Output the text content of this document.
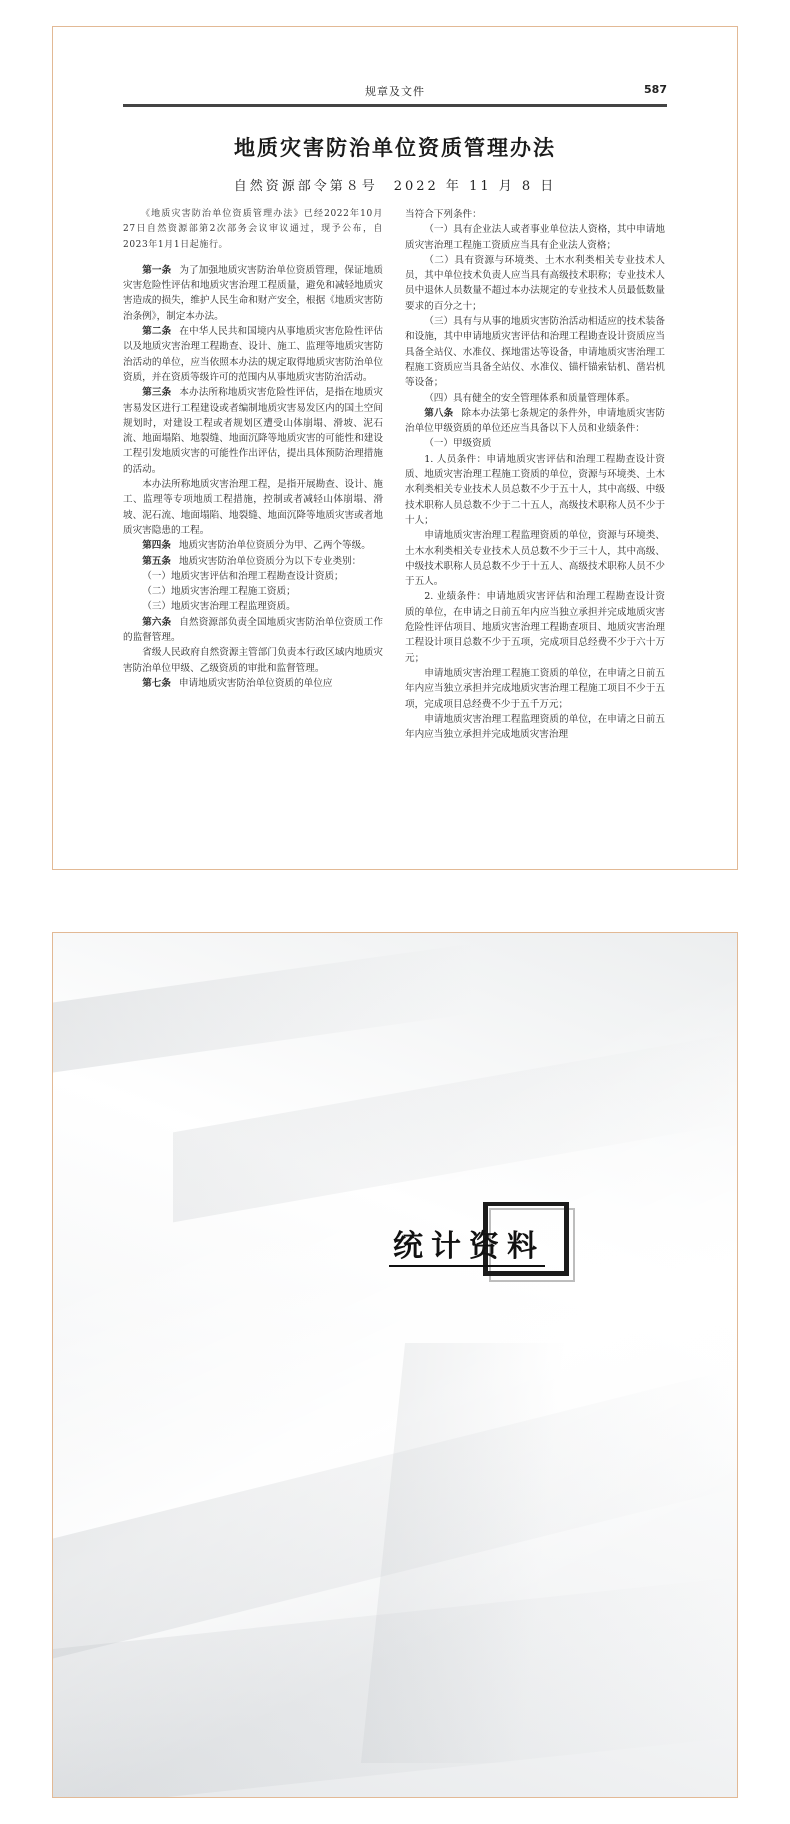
规章及文件	587
地质灾害防治单位资质管理办法
自然资源部令第８号　2022 年 11 月 8 日

《地质灾害防治单位资质管理办法》已经2022年10月27日自然资源部第2次部务会议审议通过，现予公布，自2023年1月1日起施行。

第一条 为了加强地质灾害防治单位资质管理，保证地质灾害危险性评估和地质灾害治理工程质量，避免和减轻地质灾害造成的损失，维护人民生命和财产安全，根据《地质灾害防治条例》，制定本办法。

第二条 在中华人民共和国境内从事地质灾害危险性评估以及地质灾害治理工程勘查、设计、施工、监理等地质灾害防治活动的单位，应当依照本办法的规定取得地质灾害防治单位资质，并在资质等级许可的范围内从事地质灾害防治活动。

第三条 本办法所称地质灾害危险性评估，是指在地质灾害易发区进行工程建设或者编制地质灾害易发区内的国土空间规划时，对建设工程或者规划区遭受山体崩塌、滑坡、泥石流、地面塌陷、地裂缝、地面沉降等地质灾害的可能性和建设工程引发地质灾害的可能性作出评估，提出具体预防治理措施的活动。

本办法所称地质灾害治理工程，是指开展勘查、设计、施工、监理等专项地质工程措施，控制或者减轻山体崩塌、滑坡、泥石流、地面塌陷、地裂缝、地面沉降等地质灾害或者地质灾害隐患的工程。

第四条 地质灾害防治单位资质分为甲、乙两个等级。

第五条 地质灾害防治单位资质分为以下专业类别：

（一）地质灾害评估和治理工程勘查设计资质；

（二）地质灾害治理工程施工资质；

（三）地质灾害治理工程监理资质。

第六条 自然资源部负责全国地质灾害防治单位资质工作的监督管理。

省级人民政府自然资源主管部门负责本行政区域内地质灾害防治单位甲级、乙级资质的审批和监督管理。

第七条 申请地质灾害防治单位资质的单位应

当符合下列条件：

（一）具有企业法人或者事业单位法人资格，其中申请地质灾害治理工程施工资质应当具有企业法人资格；

（二）具有资源与环境类、土木水利类相关专业技术人员，其中单位技术负责人应当具有高级技术职称；专业技术人员中退休人员数量不超过本办法规定的专业技术人员最低数量要求的百分之十；

（三）具有与从事的地质灾害防治活动相适应的技术装备和设施，其中申请地质灾害评估和治理工程勘查设计资质应当具备全站仪、水准仪、探地雷达等设备，申请地质灾害治理工程施工资质应当具备全站仪、水准仪、锚杆锚索钻机、凿岩机等设备；

（四）具有健全的安全管理体系和质量管理体系。

第八条 除本办法第七条规定的条件外，申请地质灾害防治单位甲级资质的单位还应当具备以下人员和业绩条件：

（一）甲级资质

1. 人员条件：申请地质灾害评估和治理工程勘查设计资质、地质灾害治理工程施工资质的单位，资源与环境类、土木水利类相关专业技术人员总数不少于五十人，其中高级、中级技术职称人员总数不少于二十五人，高级技术职称人员不少于十人；

申请地质灾害治理工程监理资质的单位，资源与环境类、土木水利类相关专业技术人员总数不少于三十人，其中高级、中级技术职称人员总数不少于十五人、高级技术职称人员不少于五人。

2. 业绩条件：申请地质灾害评估和治理工程勘查设计资质的单位，在申请之日前五年内应当独立承担并完成地质灾害危险性评估项目、地质灾害治理工程勘查项目、地质灾害治理工程设计项目总数不少于五项，完成项目总经费不少于六十万元；

申请地质灾害治理工程施工资质的单位，在申请之日前五年内应当独立承担并完成地质灾害治理工程施工项目不少于五项，完成项目总经费不少于五千万元；

申请地质灾害治理工程监理资质的单位，在申请之日前五年内应当独立承担并完成地质灾害治理

统计资料
